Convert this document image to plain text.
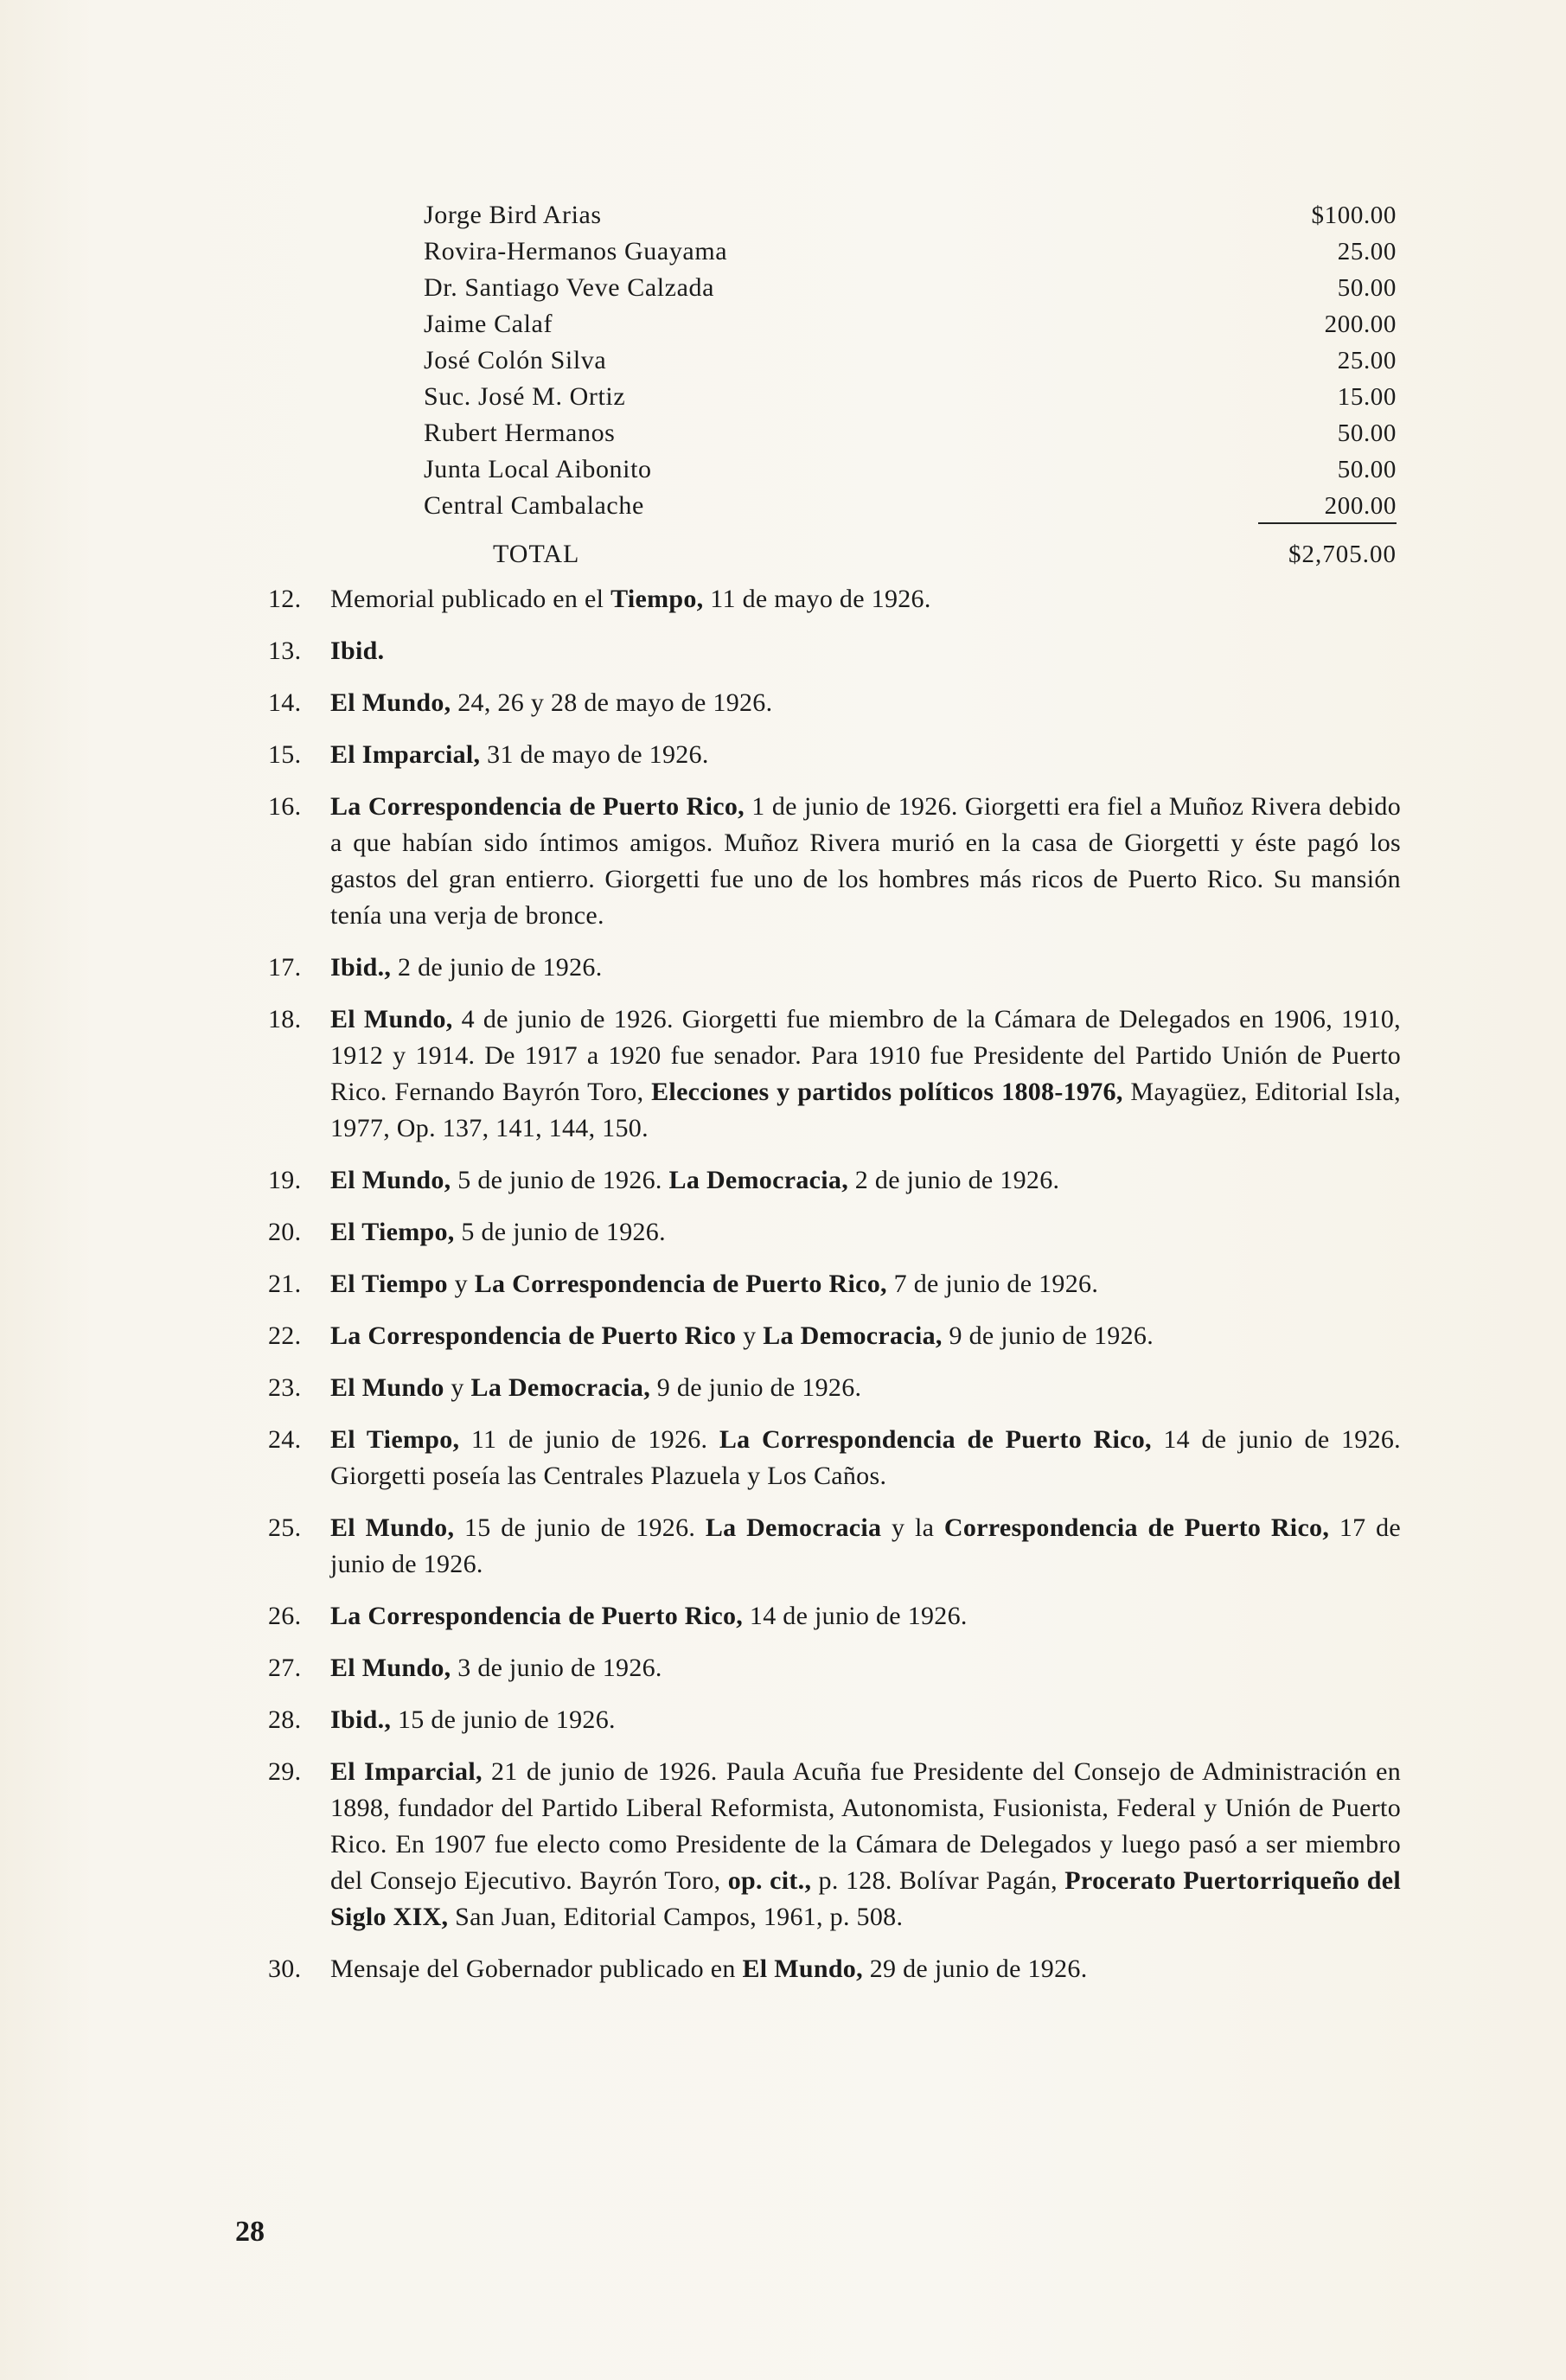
Jorge Bird Arias	$100.00
Rovira-Hermanos Guayama	25.00
Dr. Santiago Veve Calzada	50.00
Jaime Calaf	200.00
José Colón Silva	25.00
Suc. José M. Ortiz	15.00
Rubert Hermanos	50.00
Junta Local Aibonito	50.00
Central Cambalache	200.00
TOTAL	$2,705.00
12.	Memorial publicado en el Tiempo, 11 de mayo de 1926.
13.	Ibid.
14.	El Mundo, 24, 26 y 28 de mayo de 1926.
15.	El Imparcial, 31 de mayo de 1926.
16.	La Correspondencia de Puerto Rico, 1 de junio de 1926. Giorgetti era fiel a Muñoz Rivera debido a que habían sido íntimos amigos. Muñoz Rivera murió en la casa de Giorgetti y éste pagó los gastos del gran entierro. Giorgetti fue uno de los hombres más ricos de Puerto Rico. Su mansión tenía una verja de bronce.
17.	Ibid., 2 de junio de 1926.
18.	El Mundo, 4 de junio de 1926. Giorgetti fue miembro de la Cámara de Delegados en 1906, 1910, 1912 y 1914. De 1917 a 1920 fue senador. Para 1910 fue Presidente del Partido Unión de Puerto Rico. Fernando Bayrón Toro, Elecciones y partidos políticos 1808-1976, Mayagüez, Editorial Isla, 1977, Op. 137, 141, 144, 150.
19.	El Mundo, 5 de junio de 1926. La Democracia, 2 de junio de 1926.
20.	El Tiempo, 5 de junio de 1926.
21.	El Tiempo y La Correspondencia de Puerto Rico, 7 de junio de 1926.
22.	La Correspondencia de Puerto Rico y La Democracia, 9 de junio de 1926.
23.	El Mundo y La Democracia, 9 de junio de 1926.
24.	El Tiempo, 11 de junio de 1926. La Correspondencia de Puerto Rico, 14 de junio de 1926. Giorgetti poseía las Centrales Plazuela y Los Caños.
25.	El Mundo, 15 de junio de 1926. La Democracia y la Correspondencia de Puerto Rico, 17 de junio de 1926.
26.	La Correspondencia de Puerto Rico, 14 de junio de 1926.
27.	El Mundo, 3 de junio de 1926.
28.	Ibid., 15 de junio de 1926.
29.	El Imparcial, 21 de junio de 1926. Paula Acuña fue Presidente del Consejo de Administración en 1898, fundador del Partido Liberal Reformista, Autonomista, Fusionista, Federal y Unión de Puerto Rico. En 1907 fue electo como Presidente de la Cámara de Delegados y luego pasó a ser miembro del Consejo Ejecutivo. Bayrón Toro, op. cit., p. 128. Bolívar Pagán, Procerato Puertorriqueño del Siglo XIX, San Juan, Editorial Campos, 1961, p. 508.
30.	Mensaje del Gobernador publicado en El Mundo, 29 de junio de 1926.
28
